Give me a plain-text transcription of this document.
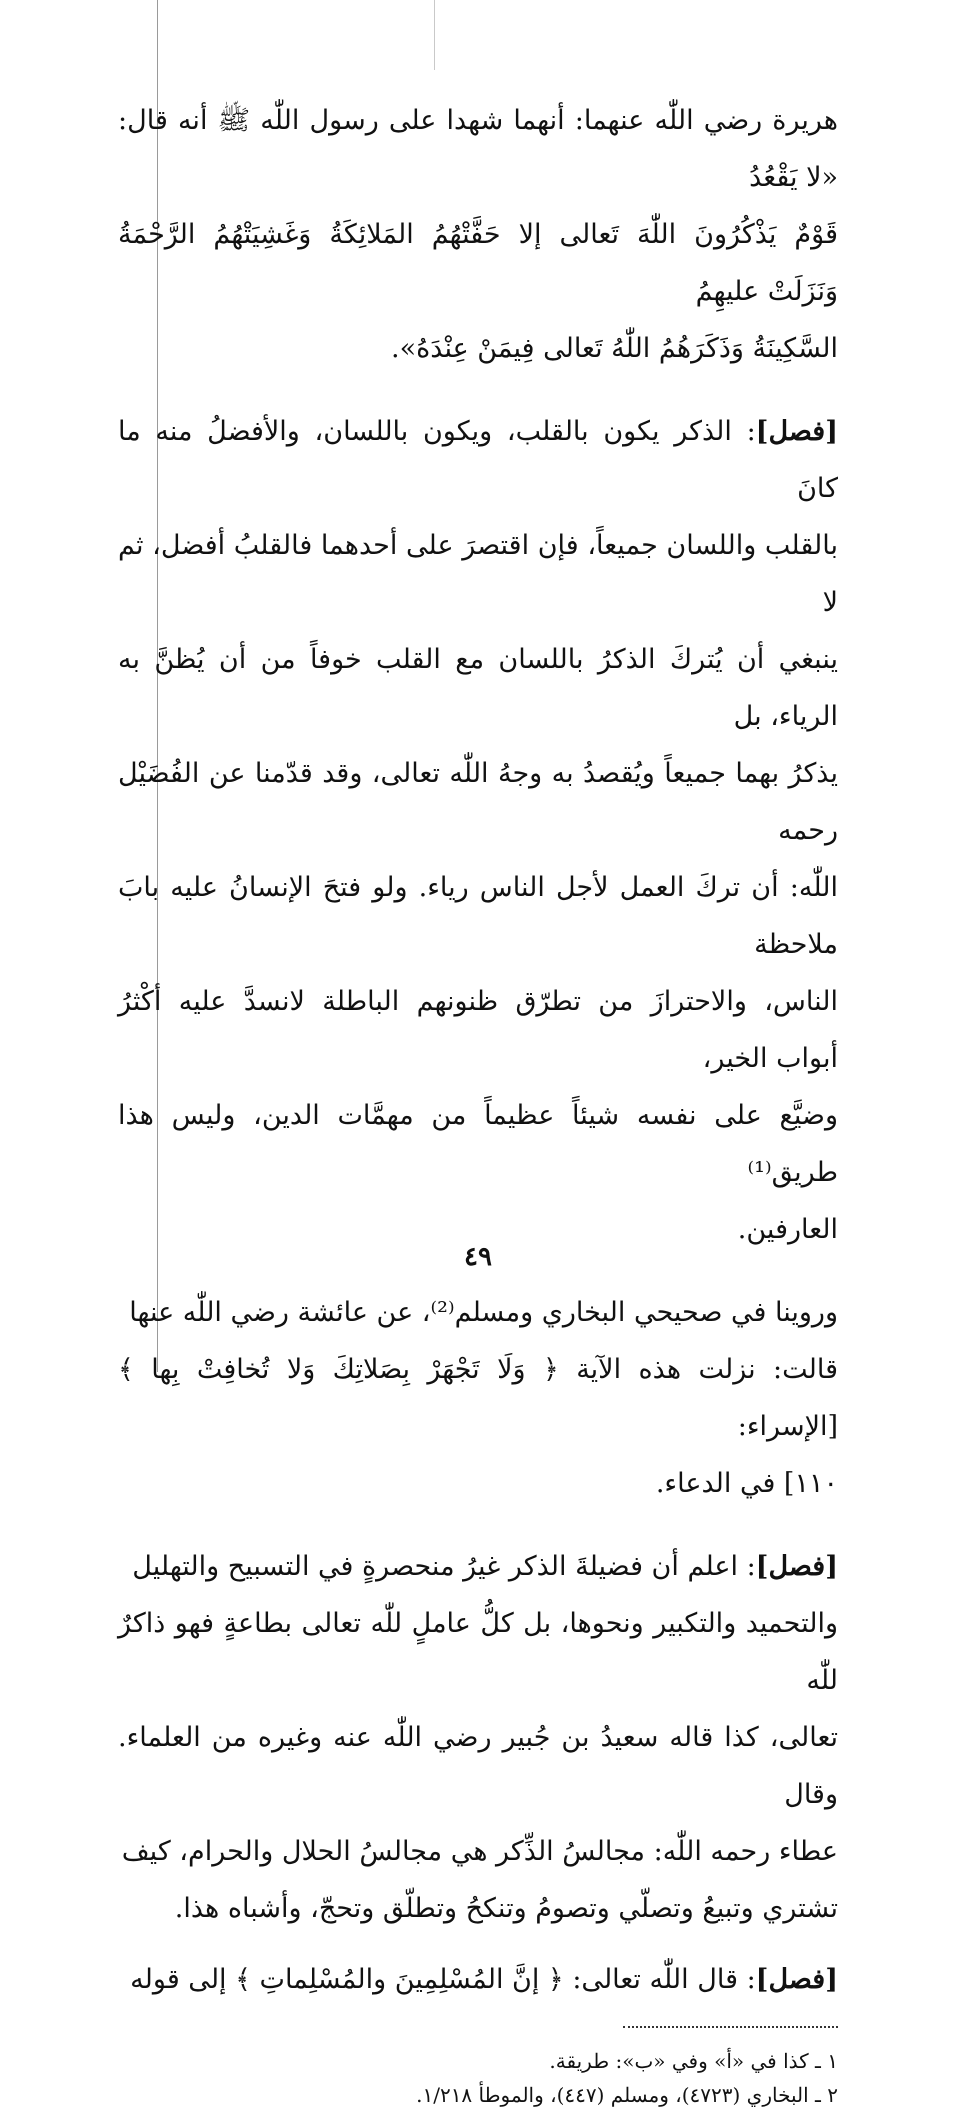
هريرة رضي اللّٰه عنهما: أنهما شهدا على رسول اللّٰه ﷺ أنه قال: «لا يَقْعُدُ
قَوْمٌ يَذْكُرُونَ اللّٰهَ تَعالى إلا حَفَّتْهُمُ المَلائِكَةُ وَغَشِيَتْهُمُ الرَّحْمَةُ وَنَزَلَتْ عليهِمُ
السَّكِينَةُ وَذَكَرَهُمُ اللّٰهُ تَعالى فِيمَنْ عِنْدَهُ».

[فصل]: الذكر يكون بالقلب، ويكون باللسان، والأفضلُ منه ما كانَ
بالقلب واللسان جميعاً، فإن اقتصرَ على أحدهما فالقلبُ أفضل، ثم لا
ينبغي أن يُتركَ الذكرُ باللسان مع القلب خوفاً من أن يُظنَّ به الرياء، بل
يذكرُ بهما جميعاً ويُقصدُ به وجهُ اللّٰه تعالى، وقد قدّمنا عن الفُضَيْل رحمه
اللّٰه: أن تركَ العمل لأجل الناس رياء. ولو فتحَ الإنسانُ عليه بابَ ملاحظة
الناس، والاحترازَ من تطرّق ظنونهم الباطلة لانسدَّ عليه أكْثرُ أبواب الخير،
وضيَّع على نفسه شيئاً عظيماً من مهمَّات الدين، وليس هذا طريق⁽¹⁾
العارفين.

وروينا في صحيحي البخاري ومسلم⁽²⁾، عن عائشة رضي اللّٰه عنها
قالت: نزلت هذه الآية ﴿ وَلَا تَجْهَرْ بِصَلاتِكَ وَلا تُخافِتْ بِها ﴾ [الإسراء:
١١٠] في الدعاء.

[فصل]: اعلم أن فضيلةَ الذكر غيرُ منحصرةٍ في التسبيح والتهليل
والتحميد والتكبير ونحوها، بل كلُّ عاملٍ للّٰه تعالى بطاعةٍ فهو ذاكرٌ للّٰه
تعالى، كذا قاله سعيدُ بن جُبير رضي اللّٰه عنه وغيره من العلماء. وقال
عطاء رحمه اللّٰه: مجالسُ الذِّكر هي مجالسُ الحلال والحرام، كيف
تشتري وتبيعُ وتصلّي وتصومُ وتنكحُ وتطلّق وتحجّ، وأشباه هذا.

[فصل]: قال اللّٰه تعالى: ﴿ إنَّ المُسْلِمِينَ والمُسْلِماتِ ﴾ إلى قوله

١ ـ كذا في «أ» وفي «ب»: طريقة.

٢ ـ البخاري (٤٧٢٣)، ومسلم (٤٤٧)، والموطأ ١/٢١٨.

٤٩
